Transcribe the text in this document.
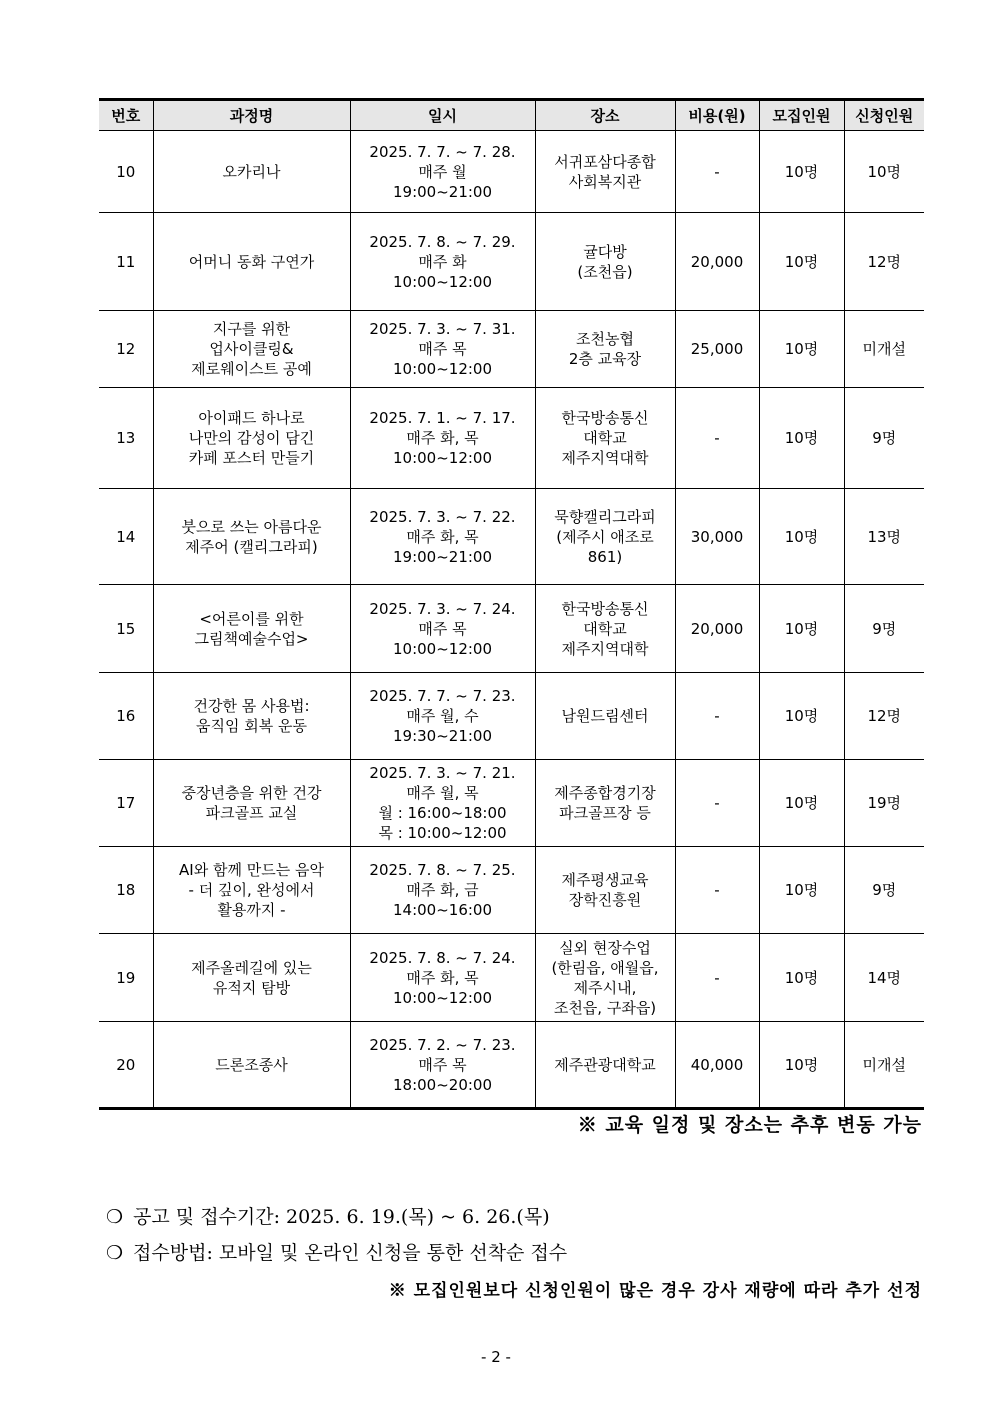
번호	과정명	일시	장소	비용(원)	모집인원	신청인원
10	오카리나	2025. 7. 7. ~ 7. 28.
매주 월
19:00~21:00	서귀포삼다종합
사회복지관	-	10명	10명
11	어머니 동화 구연가	2025. 7. 8. ~ 7. 29.
매주 화
10:00~12:00	귤다방
(조천읍)	20,000	10명	12명
12	지구를 위한
업사이클링&
제로웨이스트 공예	2025. 7. 3. ~ 7. 31.
매주 목
10:00~12:00	조천농협
2층 교육장	25,000	10명	미개설
13	아이패드 하나로
나만의 감성이 담긴
카페 포스터 만들기	2025. 7. 1. ~ 7. 17.
매주 화, 목
10:00~12:00	한국방송통신
대학교
제주지역대학	-	10명	9명
14	붓으로 쓰는 아름다운
제주어 (캘리그라피)	2025. 7. 3. ~ 7. 22.
매주 화, 목
19:00~21:00	묵향캘리그라피
(제주시 애조로
861)	30,000	10명	13명
15	<어른이를 위한
그림책예술수업>	2025. 7. 3. ~ 7. 24.
매주 목
10:00~12:00	한국방송통신
대학교
제주지역대학	20,000	10명	9명
16	건강한 몸 사용법:
움직임 회복 운동	2025. 7. 7. ~ 7. 23.
매주 월, 수
19:30~21:00	남원드림센터	-	10명	12명
17	중장년층을 위한 건강
파크골프 교실	2025. 7. 3. ~ 7. 21.
매주 월, 목
월 : 16:00~18:00
목 : 10:00~12:00	제주종합경기장
파크골프장 등	-	10명	19명
18	AI와 함께 만드는 음악
- 더 깊이, 완성에서
활용까지 -	2025. 7. 8. ~ 7. 25.
매주 화, 금
14:00~16:00	제주평생교육
장학진흥원	-	10명	9명
19	제주올레길에 있는
유적지 탐방	2025. 7. 8. ~ 7. 24.
매주 화, 목
10:00~12:00	실외 현장수업
(한림읍, 애월읍,
제주시내,
조천읍, 구좌읍)	-	10명	14명
20	드론조종사	2025. 7. 2. ~ 7. 23.
매주 목
18:00~20:00	제주관광대학교	40,000	10명	미개설
※ 교육 일정 및 장소는 추후 변동 가능
❍ 공고 및 접수기간: 2025. 6. 19.(목) ~ 6. 26.(목)
❍ 접수방법: 모바일 및 온라인 신청을 통한 선착순 접수
※ 모집인원보다 신청인원이 많은 경우 강사 재량에 따라 추가 선정
- 2 -
